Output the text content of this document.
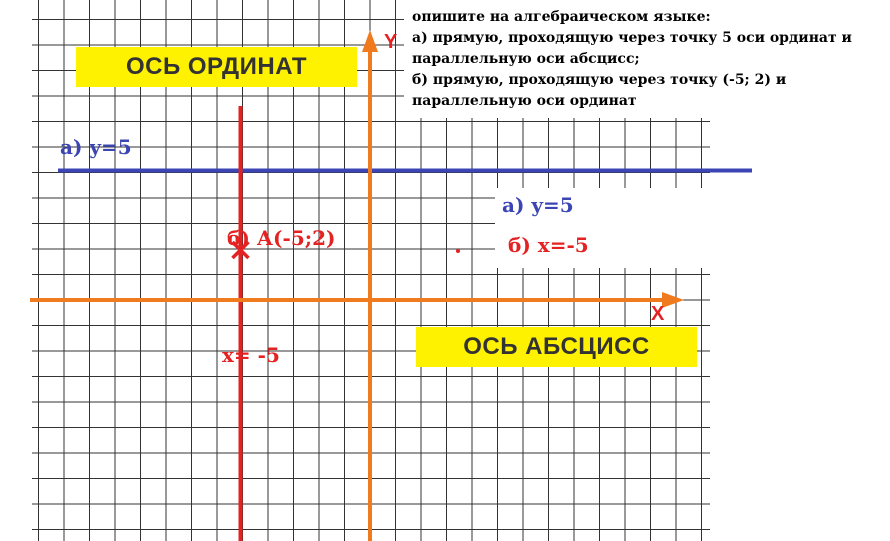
опишите на алгебраическом языке:
а) прямую, проходящую через точку 5 оси ординат и
параллельную оси абсцисс;
б) прямую, проходящую через точку (-5; 2) и
параллельную оси ординат
ОСЬ ОРДИНАТ
ОСЬ АБСЦИСС
а) y=5
а) y=5
б) x=-5
б) А(-5;2)
x= -5
Y
X
